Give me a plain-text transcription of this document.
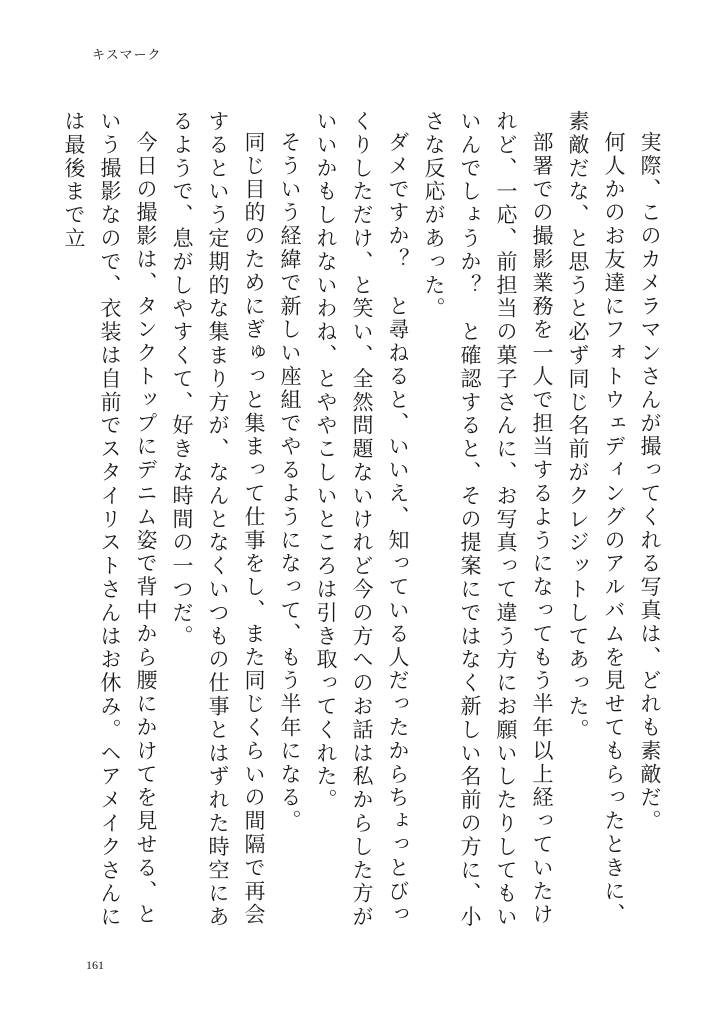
キスマーク

実際、このカメラマンさんが撮ってくれる写真は、どれも素敵だ。

何人かのお友達にフォトウェディングのアルバムを見せてもらったときに、素敵だな、と思うと必ず同じ名前がクレジットしてあった。

部署での撮影業務を一人で担当するようになってもう半年以上経っていたけれど、一応、前担当の菓子さんに、お写真って違う方にお願いしたりしてもいいんでしょうか？　と確認すると、その提案にではなく新しい名前の方に、小さな反応があった。

ダメですか？　と尋ねると、いいえ、知っている人だったからちょっとびっくりしただけ、と笑い、全然問題ないけれど今の方へのお話は私からした方がいいかもしれないわね、とややこしいところは引き取ってくれた。

そういう経緯で新しい座組でやるようになって、もう半年になる。

同じ目的のためにぎゅっと集まって仕事をし、また同じくらいの間隔で再会するという定期的な集まり方が、なんとなくいつもの仕事とはずれた時空にあるようで、息がしやすくて、好きな時間の一つだ。

今日の撮影は、タンクトップにデニム姿で背中から腰にかけてを見せる、という撮影なので、衣装は自前でスタイリストさんはお休み。ヘアメイクさんには最後まで立

161
